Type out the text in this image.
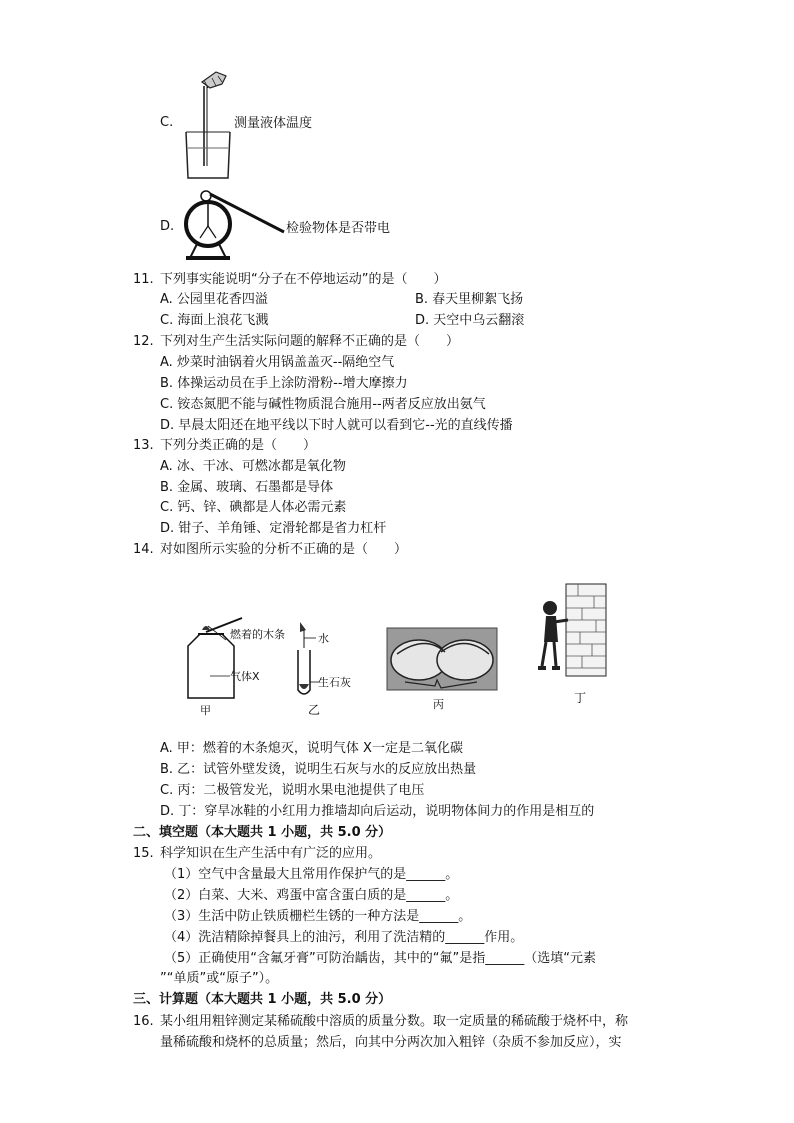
C.	测量液体温度
D.	检验物体是否带电
11. 下列事实能说明“分子在不停地运动”的是（　　）
A. 公园里花香四溢	B. 春天里柳絮飞扬
C. 海面上浪花飞溅	D. 天空中乌云翻滚
12. 下列对生产生活实际问题的解释不正确的是（　　）
A. 炒菜时油锅着火用锅盖盖灭--隔绝空气
B. 体操运动员在手上涂防滑粉--增大摩擦力
C. 铵态氮肥不能与碱性物质混合施用--两者反应放出氨气
D. 早晨太阳还在地平线以下时人就可以看到它--光的直线传播
13. 下列分类正确的是（　　）
A. 冰、干冰、可燃冰都是氧化物
B. 金属、玻璃、石墨都是导体
C. 钙、锌、碘都是人体必需元素
D. 钳子、羊角锤、定滑轮都是省力杠杆
14. 对如图所示实验的分析不正确的是（　　）
燃着的木条
气体X
甲
水
生石灰
乙	丙	丁
A. 甲：燃着的木条熄灭，说明气体 X一定是二氧化碳
B. 乙：试管外壁发烫，说明生石灰与水的反应放出热量
C. 丙：二极管发光，说明水果电池提供了电压
D. 丁：穿旱冰鞋的小红用力推墙却向后运动，说明物体间力的作用是相互的
二、填空题（本大题共 1 小题，共 5.0 分）
15. 科学知识在生产生活中有广泛的应用。
（1）空气中含量最大且常用作保护气的是______。
（2）白菜、大米、鸡蛋中富含蛋白质的是______。
（3）生活中防止铁质栅栏生锈的一种方法是______。
（4）洗洁精除掉餐具上的油污，利用了洗洁精的______作用。
（5）正确使用“含氟牙膏”可防治龋齿，其中的“氟”是指______（选填“元素
”“单质”或“原子”）。
三、计算题（本大题共 1 小题，共 5.0 分）
16. 某小组用粗锌测定某稀硫酸中溶质的质量分数。取一定质量的稀硫酸于烧杯中，称
量稀硫酸和烧杯的总质量；然后，向其中分两次加入粗锌（杂质不参加反应），实
